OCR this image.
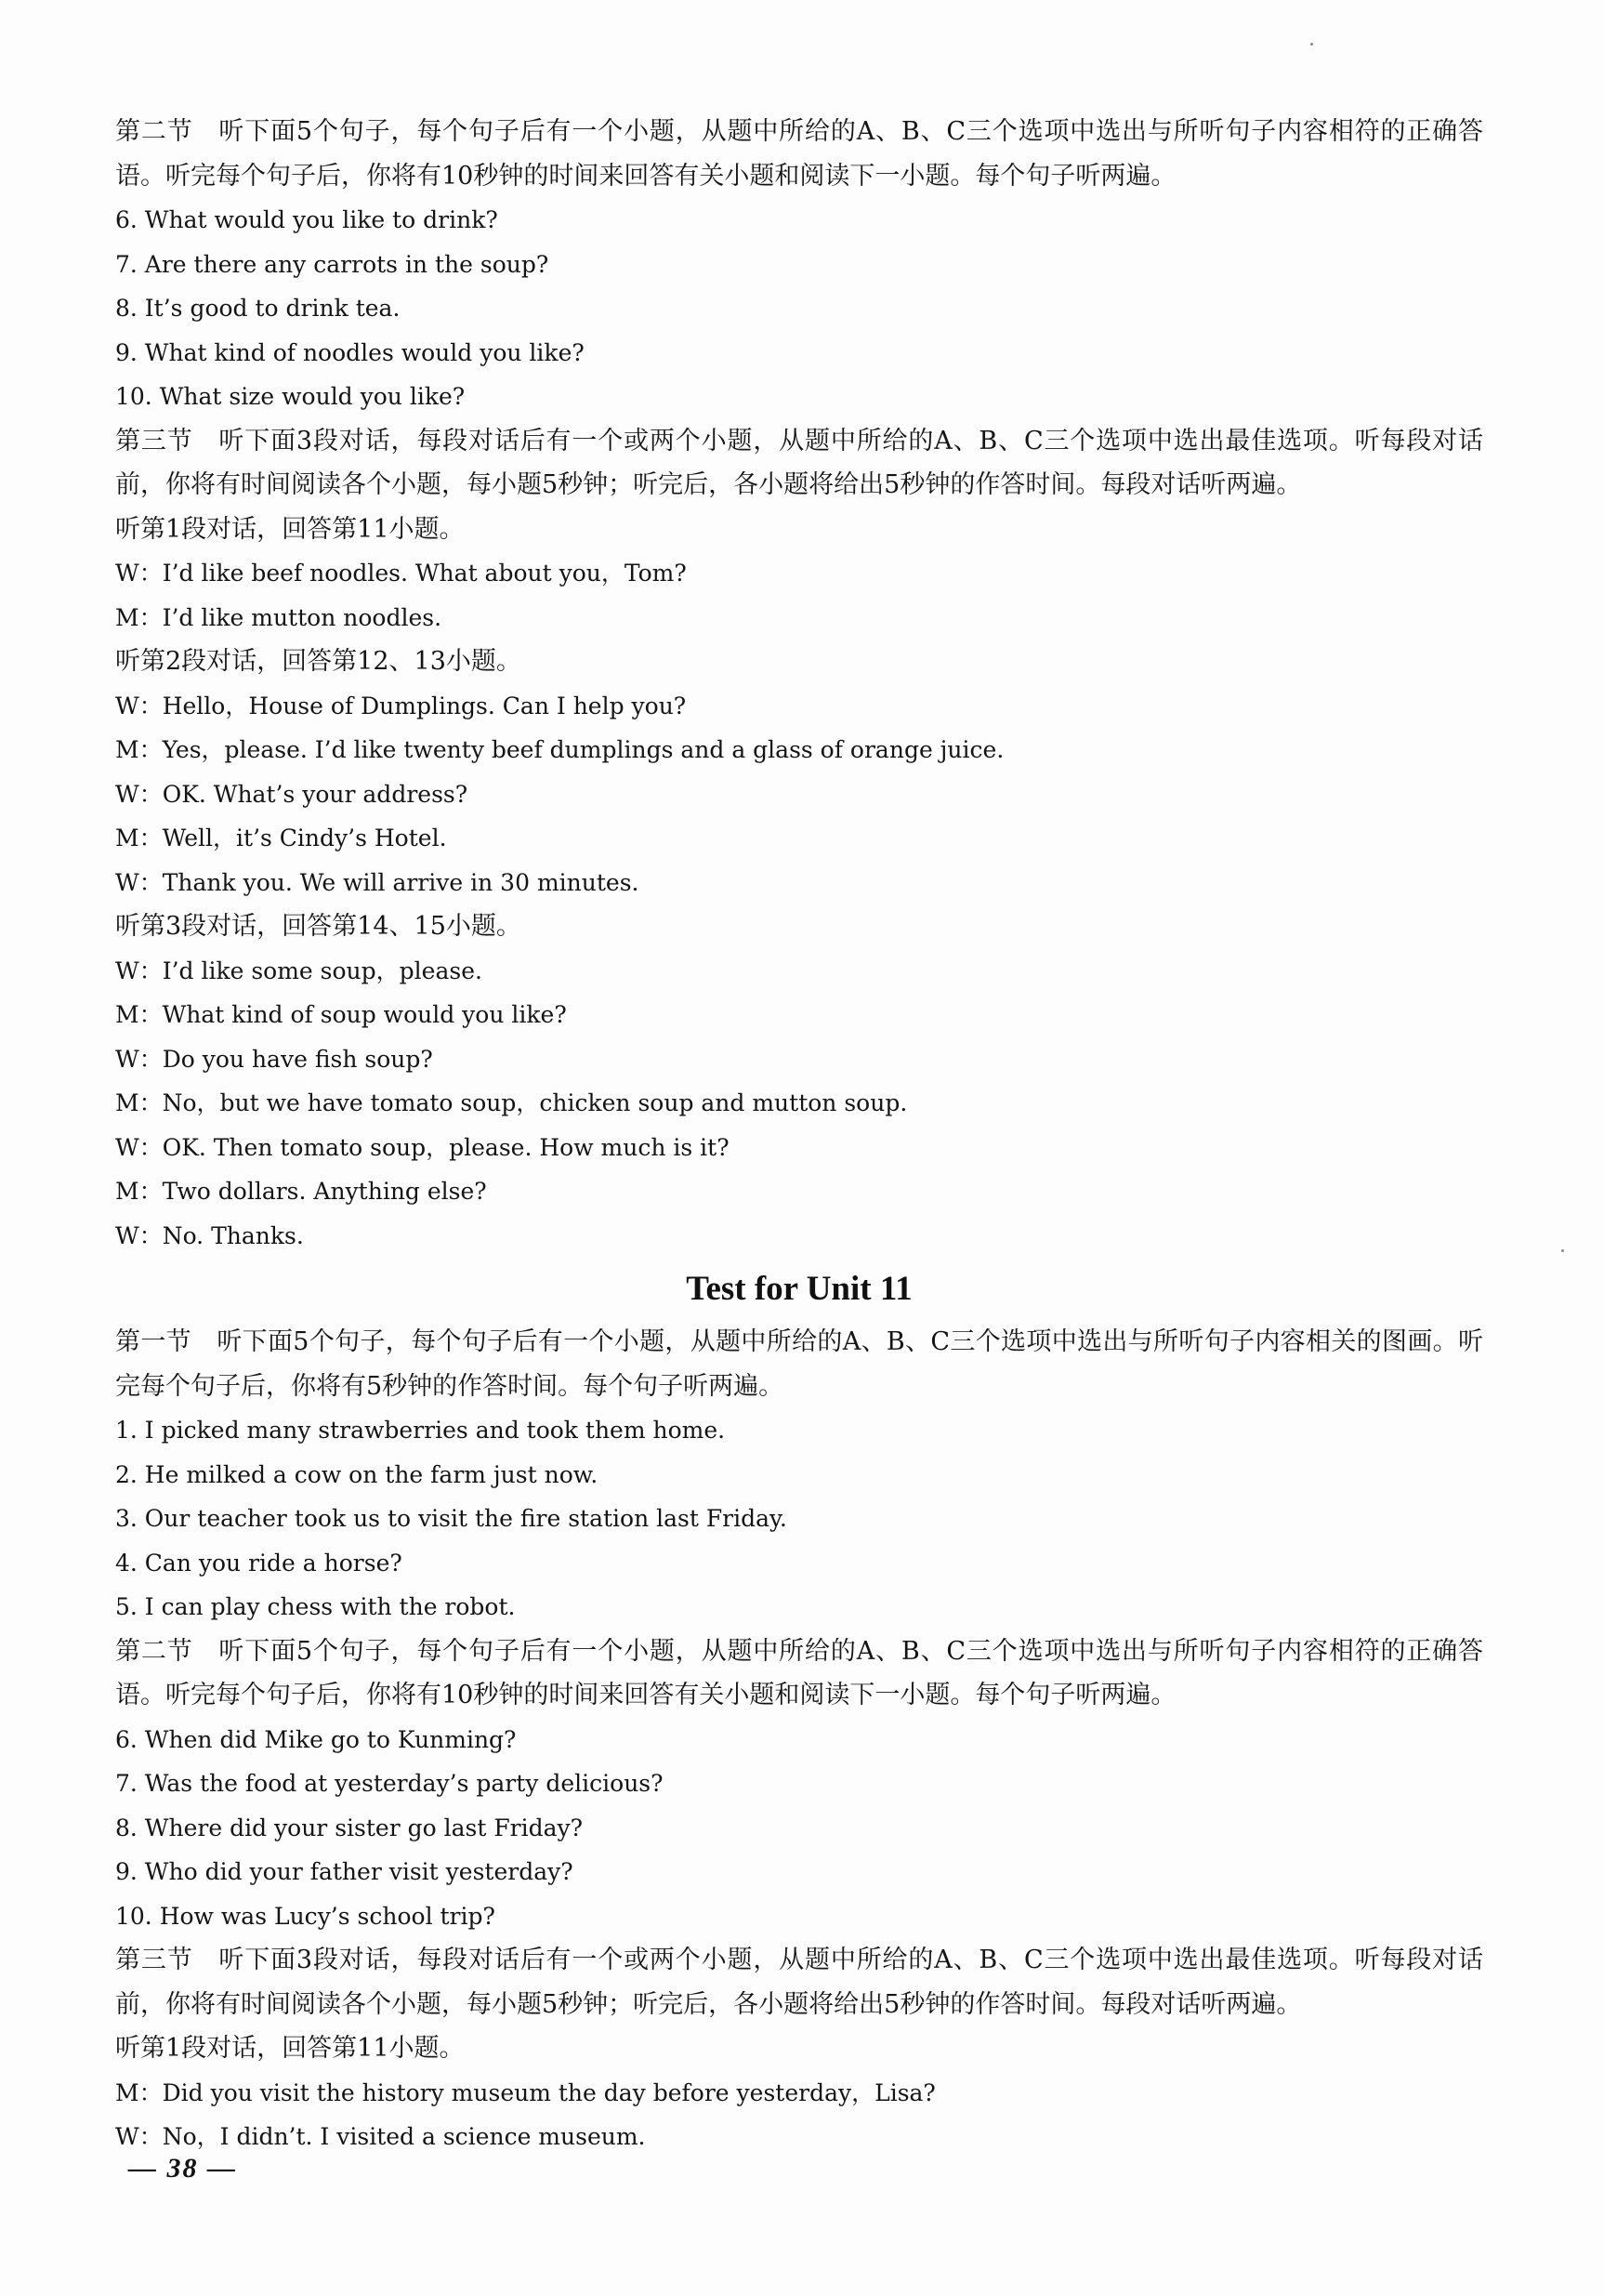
第二节　听下面5个句子，每个句子后有一个小题，从题中所给的A、B、C三个选项中选出与所听句子内容相符的正确答语。听完每个句子后，你将有10秒钟的时间来回答有关小题和阅读下一小题。每个句子听两遍。
6. What would you like to drink?
7. Are there any carrots in the soup?
8. It’s good to drink tea.
9. What kind of noodles would you like?
10. What size would you like?
第三节　听下面3段对话，每段对话后有一个或两个小题，从题中所给的A、B、C三个选项中选出最佳选项。听每段对话前，你将有时间阅读各个小题，每小题5秒钟；听完后，各小题将给出5秒钟的作答时间。每段对话听两遍。
听第1段对话，回答第11小题。
W：I’d like beef noodles. What about you，Tom?
M：I’d like mutton noodles.
听第2段对话，回答第12、13小题。
W：Hello，House of Dumplings. Can I help you?
M：Yes，please. I’d like twenty beef dumplings and a glass of orange juice.
W：OK. What’s your address?
M：Well，it’s Cindy’s Hotel.
W：Thank you. We will arrive in 30 minutes.
听第3段对话，回答第14、15小题。
W：I’d like some soup，please.
M：What kind of soup would you like?
W：Do you have fish soup?
M：No，but we have tomato soup，chicken soup and mutton soup.
W：OK. Then tomato soup，please. How much is it?
M：Two dollars. Anything else?
W：No. Thanks.
Test for Unit 11
第一节　听下面5个句子，每个句子后有一个小题，从题中所给的A、B、C三个选项中选出与所听句子内容相关的图画。听完每个句子后，你将有5秒钟的作答时间。每个句子听两遍。
1. I picked many strawberries and took them home.
2. He milked a cow on the farm just now.
3. Our teacher took us to visit the fire station last Friday.
4. Can you ride a horse?
5. I can play chess with the robot.
第二节　听下面5个句子，每个句子后有一个小题，从题中所给的A、B、C三个选项中选出与所听句子内容相符的正确答语。听完每个句子后，你将有10秒钟的时间来回答有关小题和阅读下一小题。每个句子听两遍。
6. When did Mike go to Kunming?
7. Was the food at yesterday’s party delicious?
8. Where did your sister go last Friday?
9. Who did your father visit yesterday?
10. How was Lucy’s school trip?
第三节　听下面3段对话，每段对话后有一个或两个小题，从题中所给的A、B、C三个选项中选出最佳选项。听每段对话前，你将有时间阅读各个小题，每小题5秒钟；听完后，各小题将给出5秒钟的作答时间。每段对话听两遍。
听第1段对话，回答第11小题。
M：Did you visit the history museum the day before yesterday，Lisa?
W：No，I didn’t. I visited a science museum.
— 38 —
